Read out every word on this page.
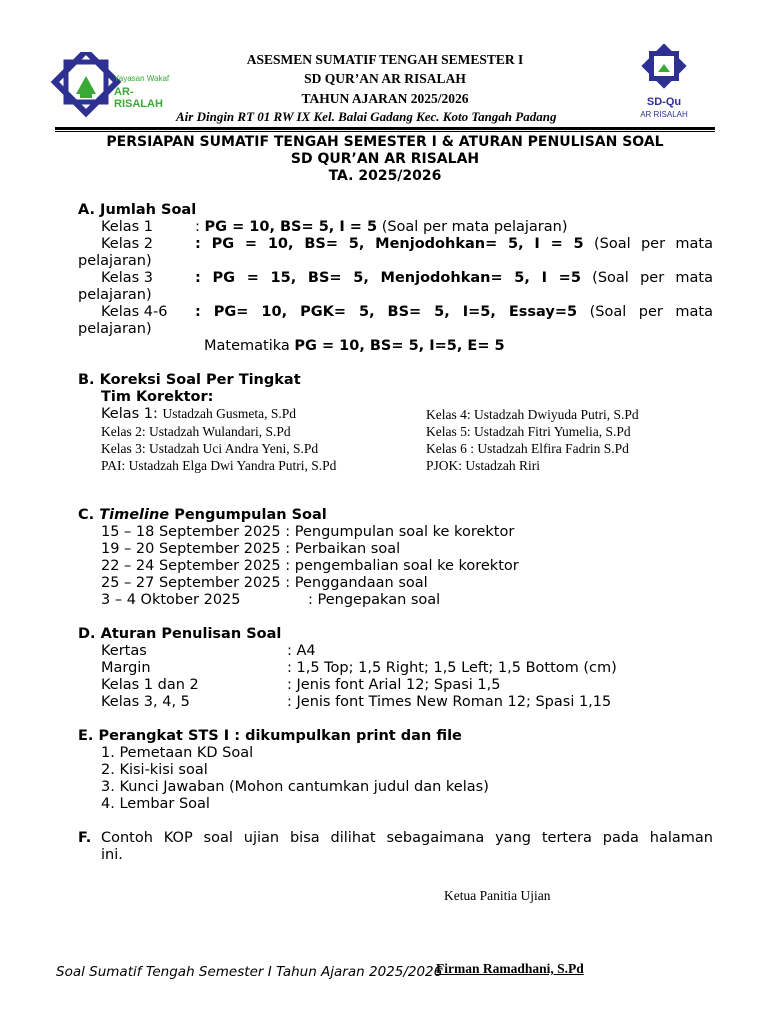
Yayasan Wakaf
AR-RISALAH
ASESMEN SUMATIF TENGAH SEMESTER I
SD QUR’AN AR RISALAH
TAHUN AJARAN 2025/2026
Air Dingin RT 01 RW IX Kel. Balai Gadang Kec. Koto Tangah Padang
SD-Qu
AR RISALAH
PERSIAPAN SUMATIF TENGAH SEMESTER I & ATURAN PENULISAN SOAL
SD QUR’AN AR RISALAH
TA. 2025/2026
A. Jumlah Soal
Kelas 1	: PG = 10, BS= 5, I = 5 (Soal per mata pelajaran)
Kelas 2	: PG = 10, BS= 5, Menjodohkan= 5, I = 5 (Soal per mata
pelajaran)
Kelas 3	: PG = 15, BS= 5, Menjodohkan= 5, I =5 (Soal per mata
pelajaran)
Kelas 4-6 : PG= 10, PGK= 5, BS= 5, I=5, Essay=5 (Soal per mata
pelajaran)
Matematika PG = 10, BS= 5, I=5, E= 5
B. Koreksi Soal Per Tingkat
Tim Korektor:
Kelas 1: Ustadzah Gusmeta, S.Pd
Kelas 2: Ustadzah Wulandari, S.Pd
Kelas 3: Ustadzah Uci Andra Yeni, S.Pd
PAI: Ustadzah Elga Dwi Yandra Putri, S.Pd
Kelas 4: Ustadzah Dwiyuda Putri, S.Pd
Kelas 5: Ustadzah Fitri Yumelia, S.Pd
Kelas 6 : Ustadzah Elfira Fadrin S.Pd
PJOK: Ustadzah Riri
C. Timeline Pengumpulan Soal
15 – 18 September 2025 : Pengumpulan soal ke korektor
19 – 20 September 2025 : Perbaikan soal
22 – 24 September 2025 : pengembalian soal ke korektor
25 – 27 September 2025 : Penggandaan soal
3 – 4 Oktober 2025	: Pengepakan soal
D. Aturan Penulisan Soal
Kertas	: A4
Margin	: 1,5 Top; 1,5 Right; 1,5 Left; 1,5 Bottom (cm)
Kelas 1 dan 2	: Jenis font Arial 12; Spasi 1,5
Kelas 3, 4, 5	: Jenis font Times New Roman 12; Spasi 1,15
E. Perangkat STS I : dikumpulkan print dan file
1. Pemetaan KD Soal
2. Kisi-kisi soal
3. Kunci Jawaban (Mohon cantumkan judul dan kelas)
4. Lembar Soal
F. Contoh KOP soal ujian bisa dilihat sebagaimana yang tertera pada halaman
ini.
Ketua Panitia Ujian
Firman Ramadhani, S.Pd
Soal Sumatif Tengah Semester I Tahun Ajaran 2025/2026
